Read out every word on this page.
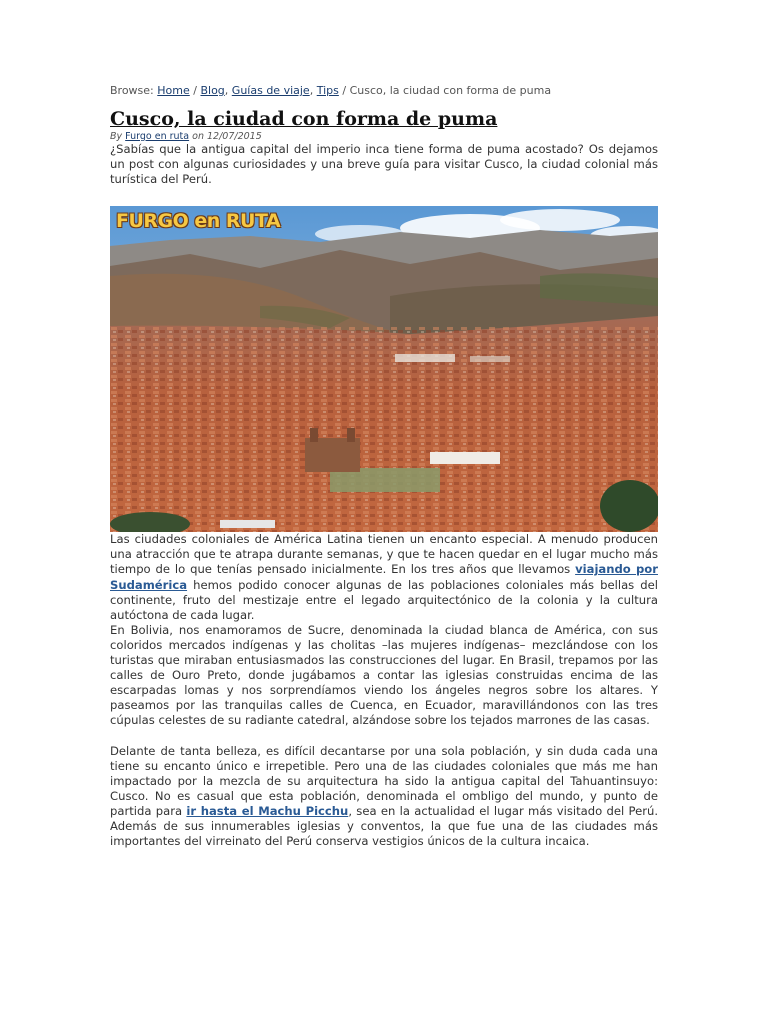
Browse: Home / Blog, Guías de viaje, Tips / Cusco, la ciudad con forma de puma
Cusco, la ciudad con forma de puma
By Furgo en ruta on 12/07/2015

¿Sabías que la antigua capital del imperio inca tiene forma de puma acostado? Os dejamos un post con algunas curiosidades y una breve guía para visitar Cusco, la ciudad colonial más turística del Perú.

FURGO en RUTA

Las ciudades coloniales de América Latina tienen un encanto especial. A menudo producen una atracción que te atrapa durante semanas, y que te hacen quedar en el lugar mucho más tiempo de lo que tenías pensado inicialmente. En los tres años que llevamos viajando por Sudamérica hemos podido conocer algunas de las poblaciones coloniales más bellas del continente, fruto del mestizaje entre el legado arquitectónico de la colonia y la cultura autóctona de cada lugar.

En Bolivia, nos enamoramos de Sucre, denominada la ciudad blanca de América, con sus coloridos mercados indígenas y las cholitas –las mujeres indígenas– mezclándose con los turistas que miraban entusiasmados las construcciones del lugar. En Brasil, trepamos por las calles de Ouro Preto, donde jugábamos a contar las iglesias construidas encima de las escarpadas lomas y nos sorprendíamos viendo los ángeles negros sobre los altares. Y paseamos por las tranquilas calles de Cuenca, en Ecuador, maravillándonos con las tres cúpulas celestes de su radiante catedral, alzándose sobre los tejados marrones de las casas.

Delante de tanta belleza, es difícil decantarse por una sola población, y sin duda cada una tiene su encanto único e irrepetible. Pero una de las ciudades coloniales que más me han impactado por la mezcla de su arquitectura ha sido la antigua capital del Tahuantinsuyo: Cusco. No es casual que esta población, denominada el ombligo del mundo, y punto de partida para ir hasta el Machu Picchu, sea en la actualidad el lugar más visitado del Perú. Además de sus innumerables iglesias y conventos, la que fue una de las ciudades más importantes del virreinato del Perú conserva vestigios únicos de la cultura incaica.
